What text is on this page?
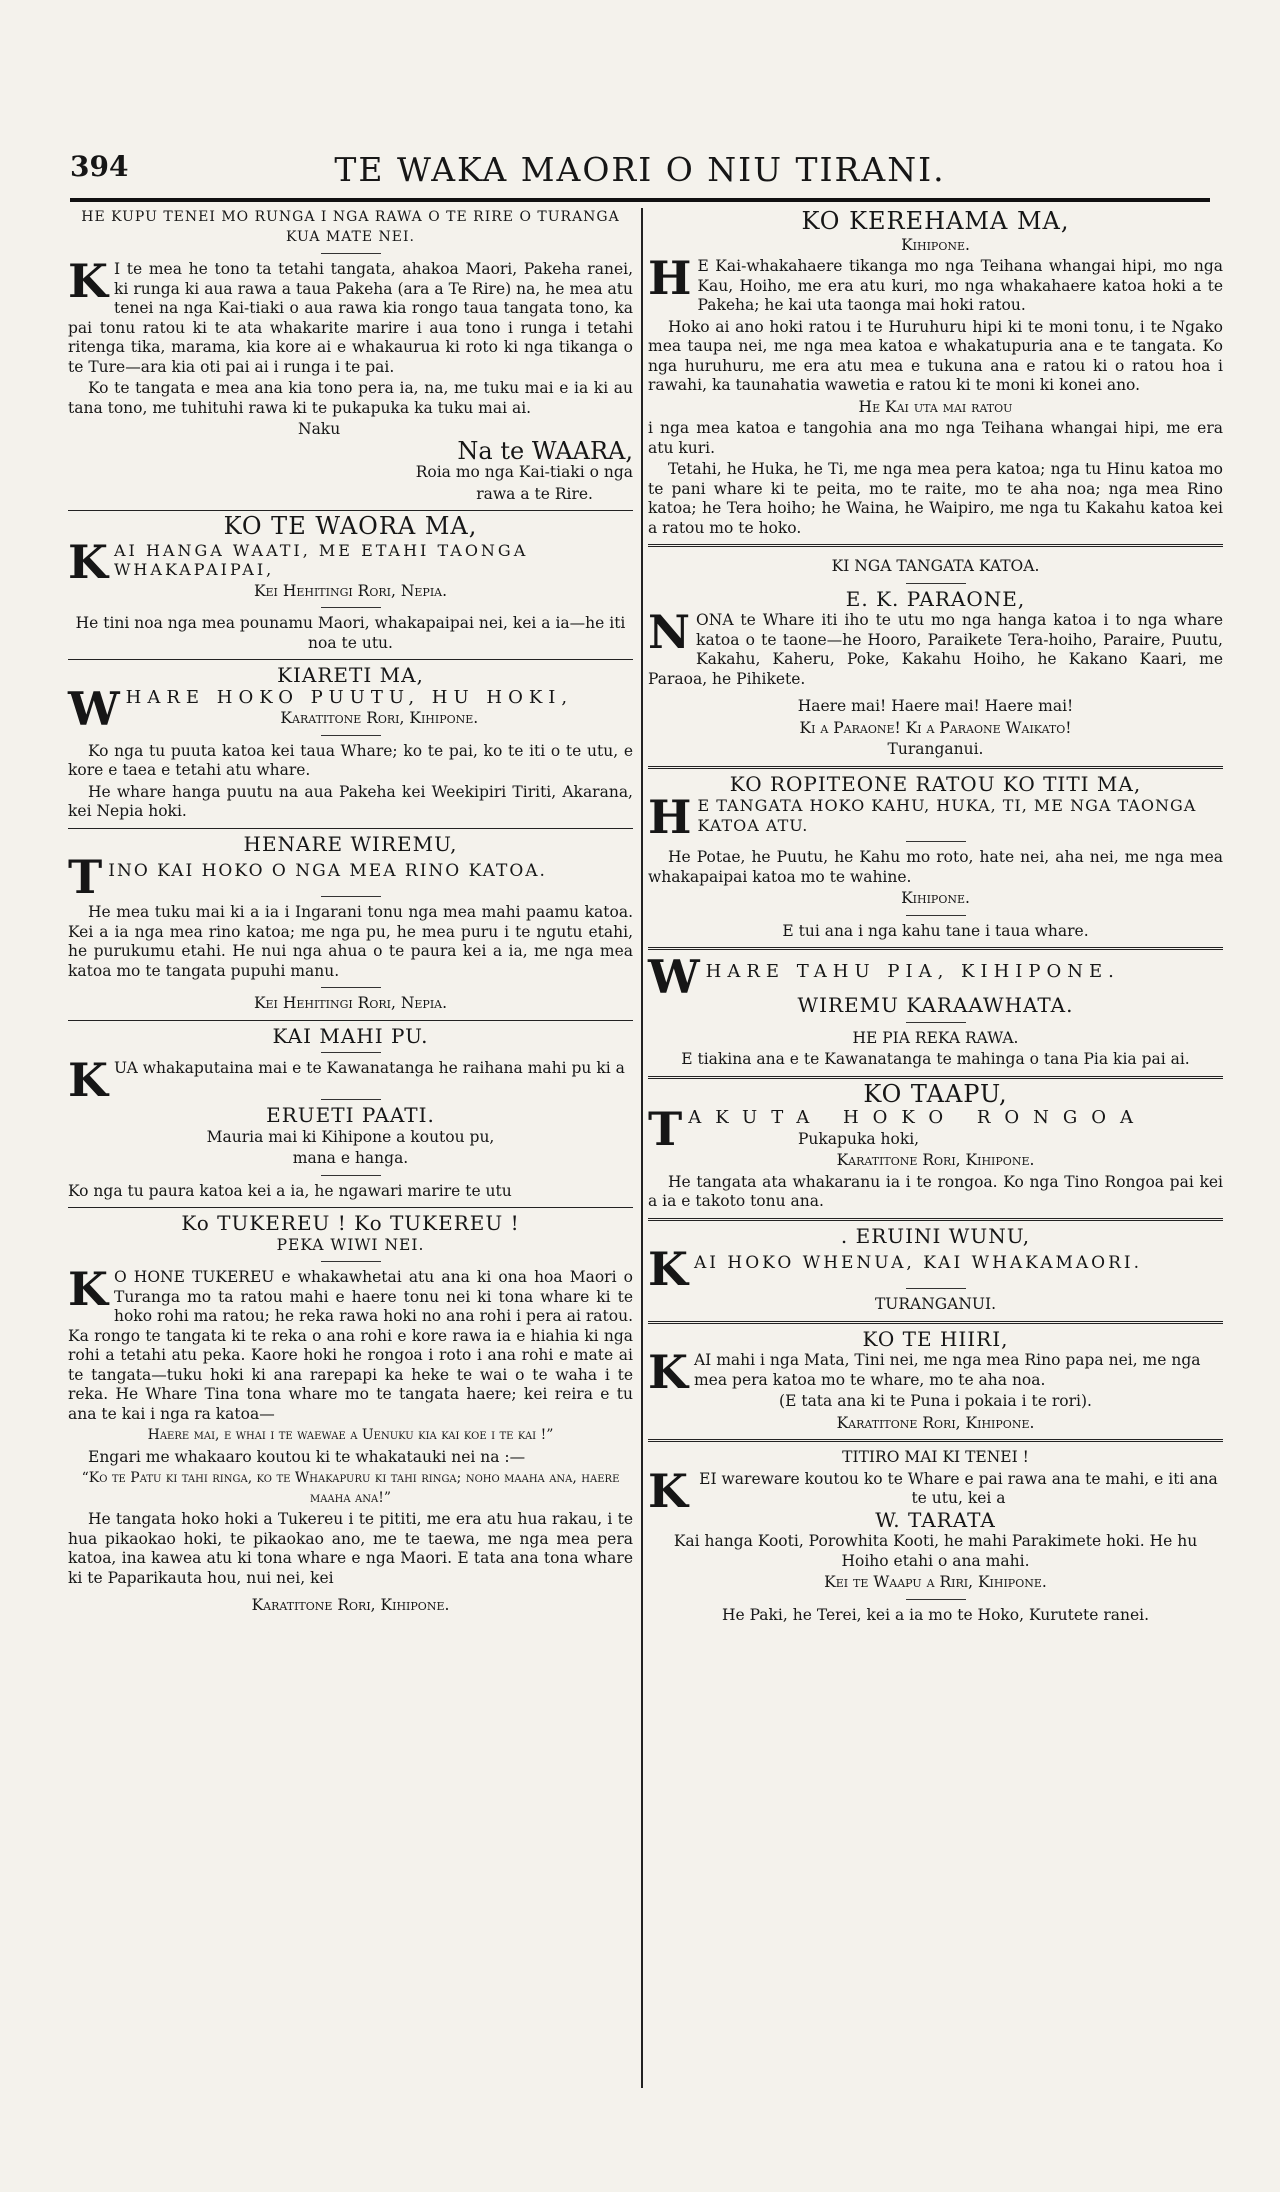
394	TE WAKA MAORI O NIU TIRANI.
HE KUPU TENEI MO RUNGA I NGA RAWA O TE RIRE O TURANGA KUA MATE NEI.
K I te mea he tono ta tetahi tangata, ahakoa Maori, Pakeha ranei, ki runga ki aua rawa a taua Pakeha (ara a Te Rire) na, he mea atu tenei na nga Kai-tiaki o aua rawa kia rongo taua tangata tono, ka pai tonu ratou ki te ata whakarite marire i aua tono i runga i tetahi ritenga tika, marama, kia kore ai e whakauruа ki roto ki nga tikanga o te Ture—ara kia oti pai ai i runga i te pai.

Ko te tangata e mea ana kia tono pera ia, na, me tuku mai e ia ki au tana tono, me tuhituhi rawa ki te pukapuka ka tuku mai ai.

Naku

Na te WAARA,

Roia mo nga Kai-tiaki o nga

rawa a te Rire.

KO TE WAORA MA,
K AI HANGA WAATI, ME ETAHI TAONGA WHAKAPAIPAI,

Kei Hehitingi Rori, Nepia.

He tini noa nga mea pounamu Maori, whakapaipai nei, kei a ia—he iti noa te utu.

KIARETI MA,
W HARE HOKO PUUTU, HU HOKI,

Karatitone Rori, Kihipone.

Ko nga tu puuta katoa kei taua Whare; ko te pai, ko te iti o te utu, e kore e taea e tetahi atu whare.

He whare hanga puutu na aua Pakeha kei Weekipiri Tiriti, Akarana, kei Nepia hoki.

HENARE WIREMU,
T INO KAI HOKO O NGA MEA RINO KATOA.

He mea tuku mai ki a ia i Ingarani tonu nga mea mahi paamu katoa. Kei a ia nga mea rino katoa; me nga pu, he mea puru i te ngutu etahi, he purukumu etahi. He nui nga ahua o te paura kei a ia, me nga mea katoa mo te tangata pupuhi manu.

Kei Hehitingi Rori, Nepia.

KAI MAHI PU.
K UA whakaputaina mai e te Kawanatanga he raihana mahi pu ki a

ERUETI PAATI.

Mauria mai ki Kihipone a koutou pu,

mana e hanga.

Ko nga tu paura katoa kei a ia, he ngawari marire te utu

Ko TUKEREU ! Ko TUKEREU !

PEKA WIWI NEI.

K O HONE TUKEREU e whakawhetai atu ana ki ona hoa Maori o Turanga mo ta ratou mahi e haere tonu nei ki tona whare ki te hoko rohi ma ratou; he reka rawa hoki no ana rohi i pera ai ratou. Ka rongo te tangata ki te reka o ana rohi e kore rawa ia e hiahia ki nga rohi a tetahi atu peka. Kaore hoki he rongoa i roto i ana rohi e mate ai te tangata—tuku hoki ki ana rarepapi ka heke te wai o te waha i te reka. He Whare Tina tona whare mo te tangata haere; kei reira e tu ana te kai i nga ra katoa—

Haere mai, e whai i te waewae a Uenuku kia kai koe i te kai !”

Engari me whakaaro koutou ki te whakatauki nei na :—

“Ko te Patu ki tahi ringa, ko te Whakapuru ki tahi ringa; noho maaha ana, haere maaha ana!”

He tangata hoko hoki a Tukereu i te pititi, me era atu hua rakau, i te hua pikaokao hoki, te pikaokao ano, me te taewa, me nga mea pera katoa, ina kawea atu ki tona whare e nga Maori. E tata ana tona whare ki te Paparikauta hou, nui nei, kei

Karatitone Rori, Kihipone.

KO KEREHAMA MA,

Kihipone.

H E Kai-whakahaere tikanga mo nga Teihana whangai hipi, mo nga Kau, Hoiho, me era atu kuri, mo nga whakahaere katoa hoki a te Pakeha; he kai uta taonga mai hoki ratou.

Hoko ai ano hoki ratou i te Huruhuru hipi ki te moni tonu, i te Ngako mea taupa nei, me nga mea katoa e whakatupuria ana e te tangata. Ko nga huruhuru, me era atu mea e tukuna ana e ratou ki o ratou hoa i rawahi, ka taunahatia wawetia e ratou ki te moni ki konei ano.

He Kai uta mai ratou

i nga mea katoa e tangohia ana mo nga Teihana whangai hipi, me era atu kuri.

Tetahi, he Huka, he Ti, me nga mea pera katoa; nga tu Hinu katoa mo te pani whare ki te peita, mo te raite, mo te aha noa; nga mea Rino katoa; he Tera hoiho; he Waina, he Waipiro, me nga tu Kakahu katoa kei a ratou mo te hoko.

KI NGA TANGATA KATOA.

E. K. PARAONE,
N ONA te Whare iti iho te utu mo nga hanga katoa i to nga whare katoa o te taone—he Hooro, Paraikete Tera-hoiho, Paraire, Puutu, Kakahu, Kaheru, Poke, Kakahu Hoiho, he Kakano Kaari, me Paraoa, he Pihikete.

Haere mai! Haere mai! Haere mai!

Ki a Paraone! Ki a Paraone Waikato!

Turanganui.

KO ROPITEONE RATOU KO TITI MA,
H E TANGATA HOKO KAHU, HUKA, TI, ME NGA TAONGA KATOA ATU.

He Potae, he Puutu, he Kahu mo roto, hate nei, aha nei, me nga mea whakapaipai katoa mo te wahine.

Kihipone.

E tui ana i nga kahu tane i taua whare.

W HARE TAHU PIA, KIHIPONE.

WIREMU KARAAWHATA.

HE PIA REKA RAWA.

E tiakina ana e te Kawanatanga te mahinga o tana Pia kia pai ai.

KO TAAPU,
T AKUTA HOKO RONGOA

Pukapuka hoki,

Karatitone Rori, Kihipone.

He tangata ata whakaranu ia i te rongoa. Ko nga Tino Rongoa pai kei a ia e takoto tonu ana.

. ERUINI WUNU,
K AI HOKO WHENUA, KAI WHAKAMAORI.

TURANGANUI.

KO TE HIIRI,
K AI mahi i nga Mata, Tini nei, me nga mea Rino papa nei, me nga mea pera katoa mo te whare, mo te aha noa.

(E tata ana ki te Puna i pokaia i te rori).

Karatitone Rori, Kihipone.

TITIRO MAI KI TENEI !

K EI wareware koutou ko te Whare e pai rawa ana te mahi, e iti ana te utu, kei a

W. TARATA

Kai hanga Kooti, Porowhita Kooti, he mahi Parakimete hoki. He hu Hoiho etahi o ana mahi.

Kei te Waapu a Riri, Kihipone.

He Paki, he Terei, kei a ia mo te Hoko, Kurutete ranei.
